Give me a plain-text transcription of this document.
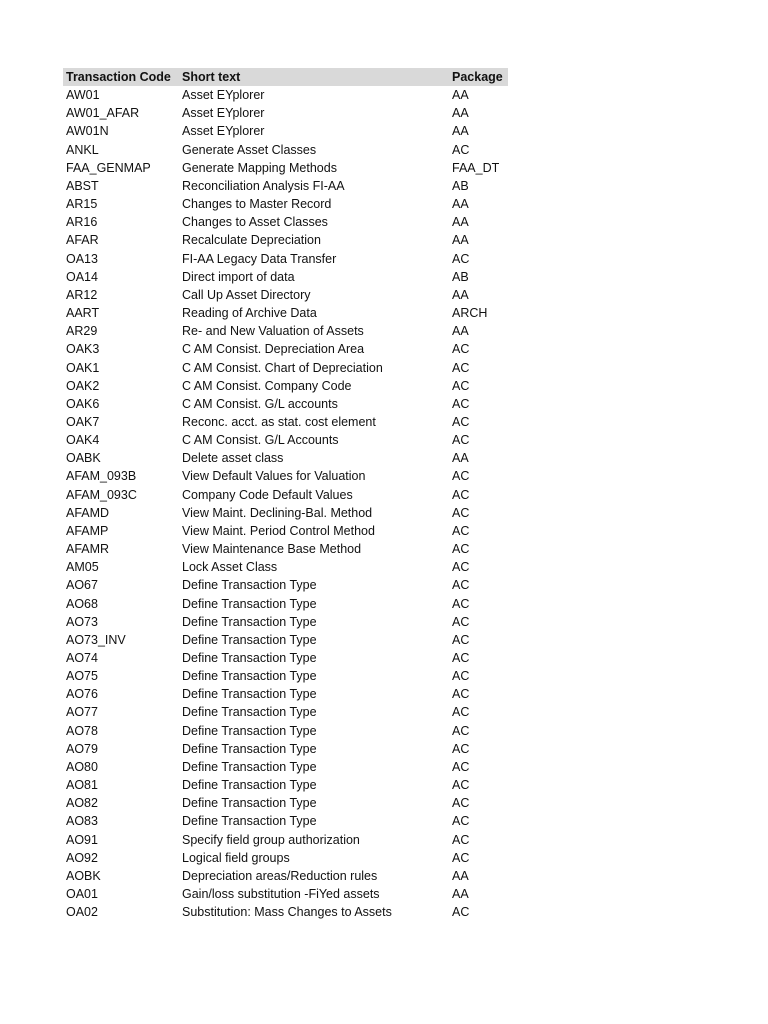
Transaction Code	Short text	Package
AW01	Asset EYplorer	AA
AW01_AFAR	Asset EYplorer	AA
AW01N	Asset EYplorer	AA
ANKL	Generate Asset Classes	AC
FAA_GENMAP	Generate Mapping Methods	FAA_DT
ABST	Reconciliation Analysis FI-AA	AB
AR15	Changes to Master Record	AA
AR16	Changes to Asset Classes	AA
AFAR	Recalculate Depreciation	AA
OA13	FI-AA Legacy Data Transfer	AC
OA14	Direct import of data	AB
AR12	Call Up Asset Directory	AA
AART	Reading of Archive Data	ARCH
AR29	Re- and New Valuation of Assets	AA
OAK3	C AM Consist. Depreciation Area	AC
OAK1	C AM Consist. Chart of Depreciation	AC
OAK2	C AM Consist. Company Code	AC
OAK6	C AM Consist. G/L accounts	AC
OAK7	Reconc. acct. as stat. cost element	AC
OAK4	C AM Consist. G/L Accounts	AC
OABK	Delete asset class	AA
AFAM_093B	View Default Values for Valuation	AC
AFAM_093C	Company Code Default Values	AC
AFAMD	View Maint. Declining-Bal. Method	AC
AFAMP	View Maint. Period Control Method	AC
AFAMR	View Maintenance Base Method	AC
AM05	Lock Asset Class	AC
AO67	Define Transaction Type	AC
AO68	Define Transaction Type	AC
AO73	Define Transaction Type	AC
AO73_INV	Define Transaction Type	AC
AO74	Define Transaction Type	AC
AO75	Define Transaction Type	AC
AO76	Define Transaction Type	AC
AO77	Define Transaction Type	AC
AO78	Define Transaction Type	AC
AO79	Define Transaction Type	AC
AO80	Define Transaction Type	AC
AO81	Define Transaction Type	AC
AO82	Define Transaction Type	AC
AO83	Define Transaction Type	AC
AO91	Specify field group authorization	AC
AO92	Logical field groups	AC
AOBK	Depreciation areas/Reduction rules	AA
OA01	Gain/loss substitution -FiYed assets	AA
OA02	Substitution: Mass Changes to Assets	AC
